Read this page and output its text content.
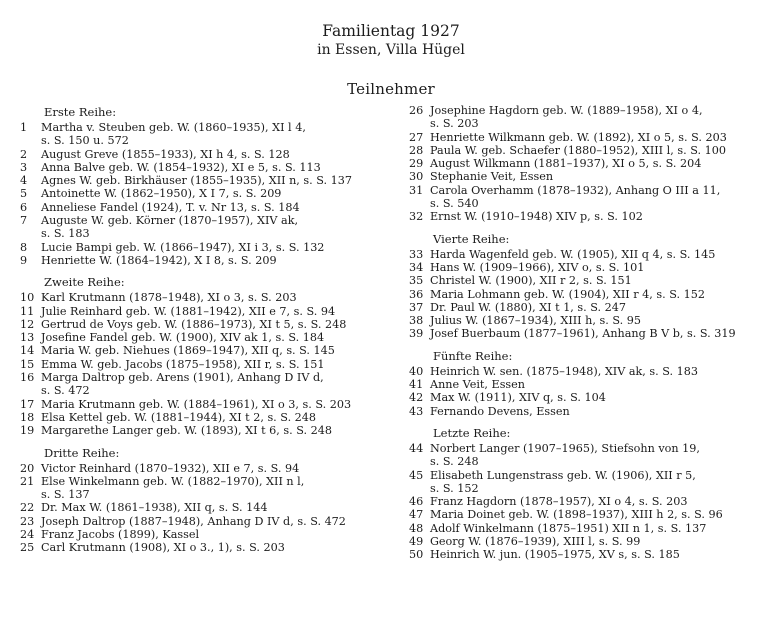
Familientag 1927
in Essen, Villa Hügel
Teilnehmer
Erste Reihe:
1	Martha v. Steuben geb. W. (1860–1935), XI l 4,
s. S. 150 u. 572
2	August Greve (1855–1933), XI h 4, s. S. 128
3	Anna Balve geb. W. (1854–1932), XI e 5, s. S. 113
4	Agnes W. geb. Birkhäuser (1855–1935), XII n, s. S. 137
5	Antoinette W. (1862–1950), X I 7, s. S. 209
6	Anneliese Fandel (1924), T. v. Nr 13, s. S. 184
7	Auguste W. geb. Körner (1870–1957), XIV ak,
s. S. 183
8	Lucie Bampi geb. W. (1866–1947), XI i 3, s. S. 132
9	Henriette W. (1864–1942), X I 8, s. S. 209
Zweite Reihe:
10 Karl Krutmann (1878–1948), XI o 3, s. S. 203
11 Julie Reinhard geb. W. (1881–1942), XII e 7, s. S. 94
12 Gertrud de Voys geb. W. (1886–1973), XI t 5, s. S. 248
13 Josefine Fandel geb. W. (1900), XIV ak 1, s. S. 184
14 Maria W. geb. Niehues (1869–1947), XII q, s. S. 145
15 Emma W. geb. Jacobs (1875–1958), XII r, s. S. 151
16 Marga Daltrop geb. Arens (1901), Anhang D IV d,
s. S. 472
17 Maria Krutmann geb. W. (1884–1961), XI o 3, s. S. 203
18 Elsa Kettel geb. W. (1881–1944), XI t 2, s. S. 248
19 Margarethe Langer geb. W. (1893), XI t 6, s. S. 248
Dritte Reihe:
20 Victor Reinhard (1870–1932), XII e 7, s. S. 94
21 Else Winkelmann geb. W. (1882–1970), XII n l,
s. S. 137
22 Dr. Max W. (1861–1938), XII q, s. S. 144
23 Joseph Daltrop (1887–1948), Anhang D IV d, s. S. 472
24 Franz Jacobs (1899), Kassel
25 Carl Krutmann (1908), XI o 3., 1), s. S. 203
26 Josephine Hagdorn geb. W. (1889–1958), XI o 4,
s. S. 203
27 Henriette Wilkmann geb. W. (1892), XI o 5, s. S. 203
28 Paula W. geb. Schaefer (1880–1952), XIII l, s. S. 100
29 August Wilkmann (1881–1937), XI o 5, s. S. 204
30 Stephanie Veit, Essen
31 Carola Overhamm (1878–1932), Anhang O III a 11,
s. S. 540
32 Ernst W. (1910–1948) XIV p, s. S. 102
Vierte Reihe:
33 Harda Wagenfeld geb. W. (1905), XII q 4, s. S. 145
34 Hans W. (1909–1966), XIV o, s. S. 101
35 Christel W. (1900), XII r 2, s. S. 151
36 Maria Lohmann geb. W. (1904), XII r 4, s. S. 152
37 Dr. Paul W. (1880), XI t 1, s. S. 247
38 Julius W. (1867–1934), XIII h, s. S. 95
39 Josef Buerbaum (1877–1961), Anhang B V b, s. S. 319
Fünfte Reihe:
40 Heinrich W. sen. (1875–1948), XIV ak, s. S. 183
41 Anne Veit, Essen
42 Max W. (1911), XIV q, s. S. 104
43 Fernando Devens, Essen
Letzte Reihe:
44 Norbert Langer (1907–1965), Stiefsohn von 19,
s. S. 248
45 Elisabeth Lungenstrass geb. W. (1906), XII r 5,
s. S. 152
46 Franz Hagdorn (1878–1957), XI o 4, s. S. 203
47 Maria Doinet geb. W. (1898–1937), XIII h 2, s. S. 96
48 Adolf Winkelmann (1875–1951) XII n 1, s. S. 137
49 Georg W. (1876–1939), XIII l, s. S. 99
50 Heinrich W. jun. (1905–1975, XV s, s. S. 185
